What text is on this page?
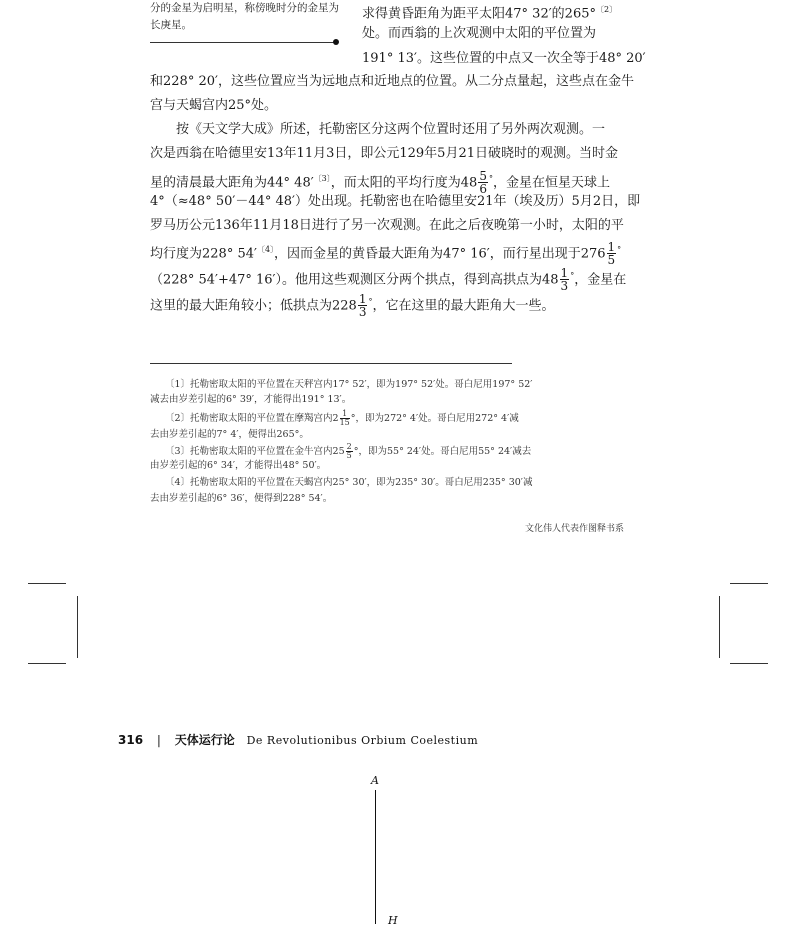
分的金星为启明星，称傍晚时分的金星为长庚星。
求得黄昏距角为距平太阳47° 32′的265°$^{〔2〕}$
处。而西翁的上次观测中太阳的平位置为
191° 13′。这些位置的中点又一次全等于48° 20′
和228° 20′，这些位置应当为远地点和近地点的位置。从二分点量起，这些点在金牛
宫与天蝎宫内25°处。
按《天文学大成》所述，托勒密区分这两个位置时还用了另外两次观测。一
次是西翁在哈德里安13年11月3日，即公元129年5月21日破晓时的观测。当时金
星的清晨最大距角为44° $48'^{〔3〕}$，而太阳的平均行度为$48 \frac{5}{6} ^\circ$，金星在恒星天球上
4°（≈48° 50′－44° 48′）处出现。托勒密也在哈德里安21年（埃及历）5月2日，即
罗马历公元136年11月18日进行了另一次观测。在此之后夜晚第一小时，太阳的平
均行度为228° $54'^{〔4〕}$，因而金星的黄昏最大距角为47° 16′，而行星出现于$276 \frac{1}{5} ^\circ$
（228° 54′+47° 16′）。他用这些观测区分两个拱点，得到高拱点为$48 \frac{1}{3} ^\circ$，金星在
这里的最大距角较小；低拱点为$228 \frac{1}{3} ^\circ$，它在这里的最大距角大一些。
〔1〕托勒密取太阳的平位置在天秤宫内17° 52′，即为197° 52′处。哥白尼用197° 52′
减去由岁差引起的6° 39′，才能得出191° 13′。
〔2〕托勒密取太阳的平位置在摩羯宫内$2 \frac{1}{15}$ °，即为272° 4′处。哥白尼用272° 4′减
去由岁差引起的7° 4′，便得出265°。
〔3〕托勒密取太阳的平位置在金牛宫内$25 \frac{2}{5}$ °，即为55° 24′处。哥白尼用55° 24′减去
由岁差引起的6° 34′，才能得出48° 50′。
〔4〕托勒密取太阳的平位置在天蝎宫内25° 30′，即为235° 30′。哥白尼用235° 30′减
去由岁差引起的6° 36′，便得到228° 54′。
文化伟人代表作图释书系
316 | 天体运行论 De Revolutionibus Orbium Coelestium
A
H
